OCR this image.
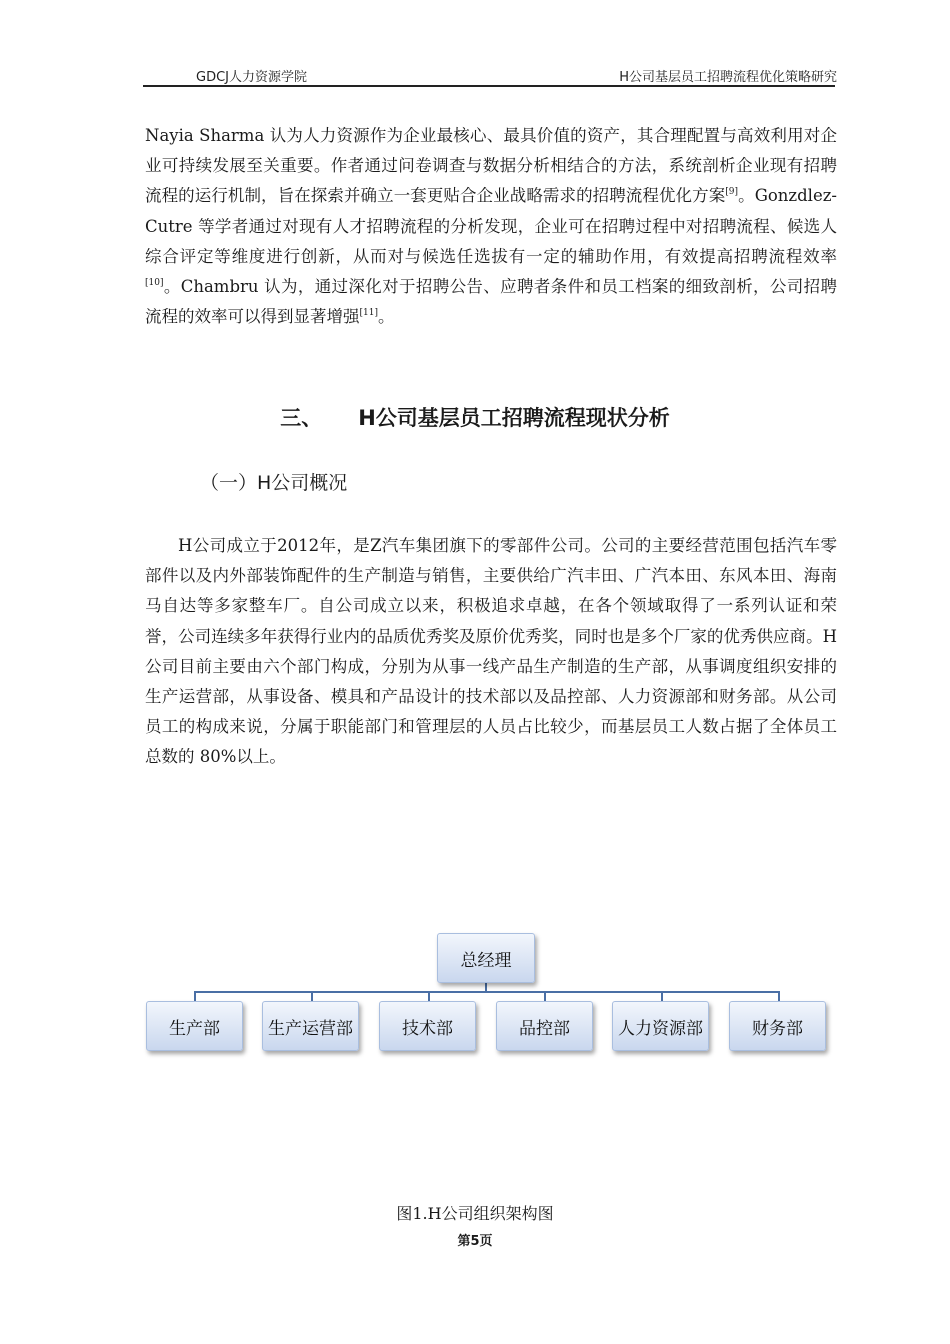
GDCJ人力资源学院	H公司基层员工招聘流程优化策略研究

Nayia Sharma 认为人力资源作为企业最核心、最具价值的资产，其合理配置与高效利用对企业可持续发展至关重要。作者通过问卷调查与数据分析相结合的方法，系统剖析企业现有招聘流程的运行机制，旨在探索并确立一套更贴合企业战略需求的招聘流程优化方案[9]。Gonzdlez-Cutre 等学者通过对现有人才招聘流程的分析发现，企业可在招聘过程中对招聘流程、候选人综合评定等维度进行创新，从而对与候选任选拔有一定的辅助作用，有效提高招聘流程效率[10]。Chambru 认为，通过深化对于招聘公告、应聘者条件和员工档案的细致剖析，公司招聘流程的效率可以得到显著增强[11]。

三、 H公司基层员工招聘流程现状分析
（一）H公司概况

H公司成立于2012年，是Z汽车集团旗下的零部件公司。公司的主要经营范围包括汽车零部件以及内外部装饰配件的生产制造与销售，主要供给广汽丰田、广汽本田、东风本田、海南马自达等多家整车厂。自公司成立以来，积极追求卓越，在各个领域取得了一系列认证和荣誉，公司连续多年获得行业内的品质优秀奖及原价优秀奖，同时也是多个厂家的优秀供应商。H公司目前主要由六个部门构成，分别为从事一线产品生产制造的生产部，从事调度组织安排的生产运营部，从事设备、模具和产品设计的技术部以及品控部、人力资源部和财务部。从公司员工的构成来说，分属于职能部门和管理层的人员占比较少，而基层员工人数占据了全体员工总数的 80%以上。

总经理
生产部	生产运营部	技术部	品控部	人力资源部	财务部

图1.H公司组织架构图

第5页
